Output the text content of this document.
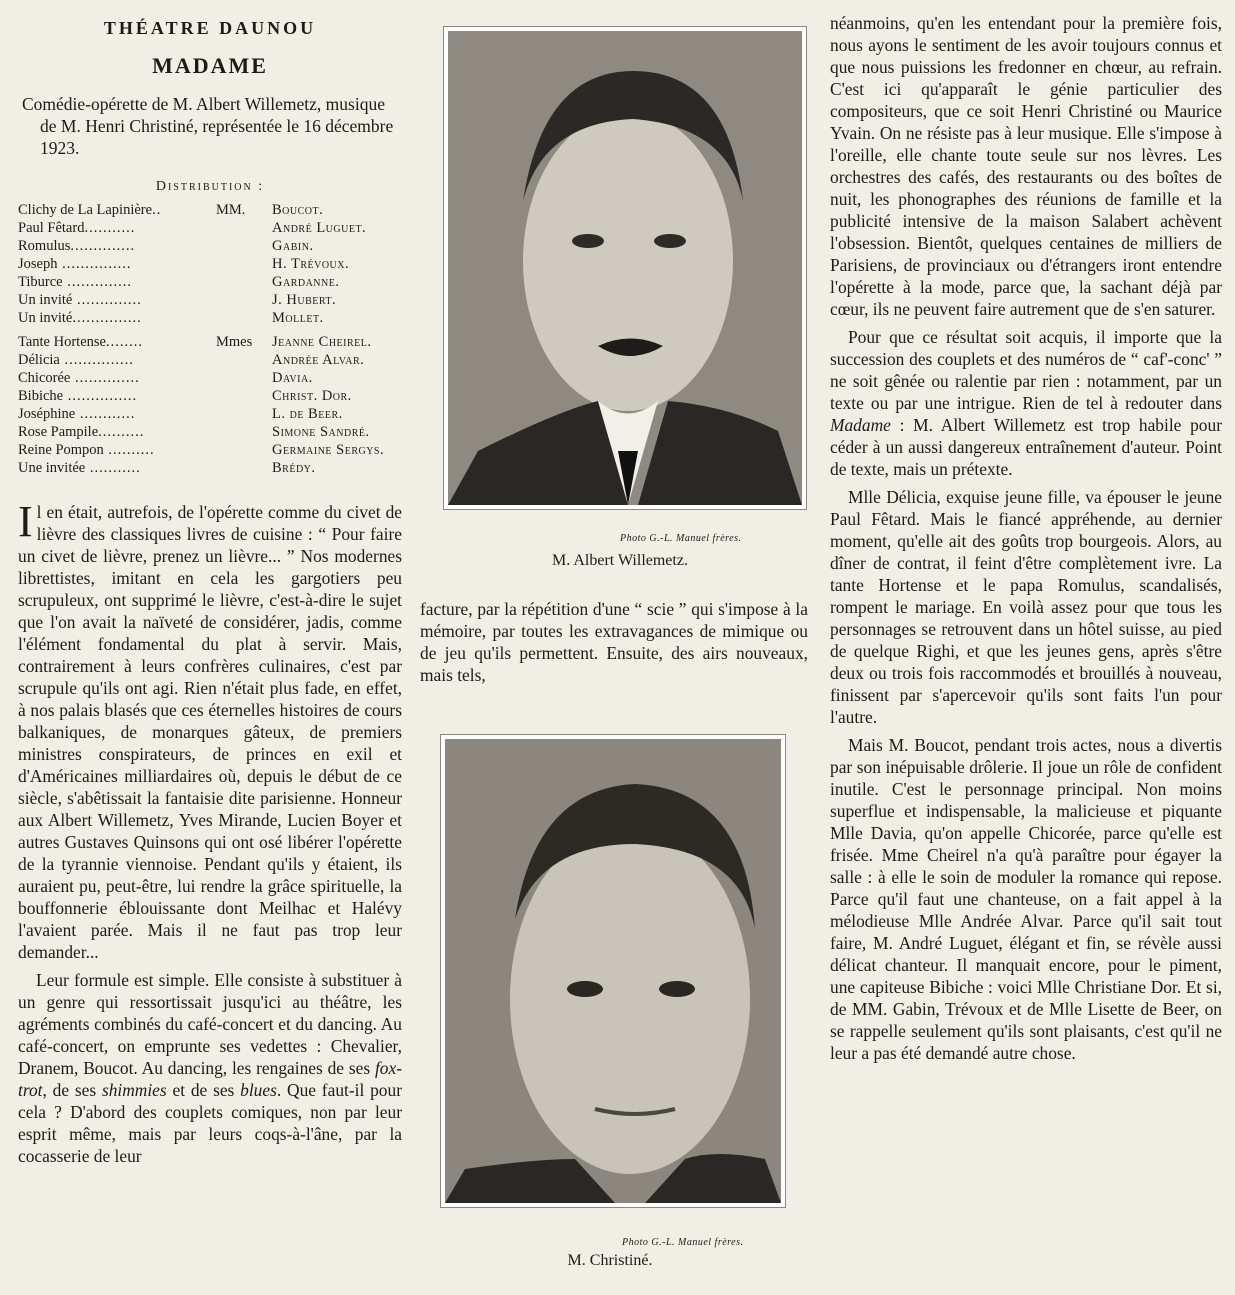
THÉATRE DAUNOU
MADAME
Comédie-opérette de M. Albert Willemetz, musique de M. Henri Christiné, représentée le 16 décembre 1923.
Distribution :
Clichy de La Lapinière..	MM.	Boucot.
Paul Fêtard...........	André Luguet.
Romulus..............	Gabin.
Joseph ...............	H. Trévoux.
Tiburce ..............	Gardanne.
Un invité ..............	J. Hubert.
Un invité...............	Mollet.
Tante Hortense........	Mmes	Jeanne Cheirel.
Délicia ...............	Andrée Alvar.
Chicorée ..............	Davia.
Bibiche ...............	Christ. Dor.
Joséphine ............	L. de Beer.
Rose Pampile..........	Simone Sandré.
Reine Pompon ..........	Germaine Sergys.
Une invitée ...........	Brédy.

Il en était, autrefois, de l'opérette comme du civet de lièvre des classiques livres de cuisine : “ Pour faire un civet de lièvre, prenez un lièvre... ” Nos modernes librettistes, imitant en cela les gargotiers peu scrupuleux, ont supprimé le lièvre, c'est-à-dire le sujet que l'on avait la naïveté de considérer, jadis, comme l'élément fondamental du plat à servir. Mais, contrairement à leurs confrères culinaires, c'est par scrupule qu'ils ont agi. Rien n'était plus fade, en effet, à nos palais blasés que ces éternelles histoires de cours balkaniques, de monarques gâteux, de premiers ministres conspirateurs, de princes en exil et d'Américaines milliardaires où, depuis le début de ce siècle, s'abêtissait la fantaisie dite parisienne. Honneur aux Albert Willemetz, Yves Mirande, Lucien Boyer et autres Gustaves Quinsons qui ont osé libérer l'opérette de la tyrannie viennoise. Pendant qu'ils y étaient, ils auraient pu, peut-être, lui rendre la grâce spirituelle, la bouffonnerie éblouissante dont Meilhac et Halévy l'avaient parée. Mais il ne faut pas trop leur demander...

Leur formule est simple. Elle consiste à substituer à un genre qui ressortissait jusqu'ici au théâtre, les agréments combinés du café-concert et du dancing. Au café-concert, on emprunte ses vedettes : Chevalier, Dranem, Boucot. Au dancing, les rengaines de ses fox-trot, de ses shimmies et de ses blues. Que faut-il pour cela ? D'abord des couplets comiques, non par leur esprit même, mais par leurs coqs-à-l'âne, par la cocasserie de leur

Photo G.-L. Manuel frères.
M. Albert Willemetz.

facture, par la répétition d'une “ scie ” qui s'impose à la mémoire, par toutes les extravagances de mimique ou de jeu qu'ils permettent. Ensuite, des airs nouveaux, mais tels,

Photo G.-L. Manuel frères.
M. Christiné.

néanmoins, qu'en les entendant pour la première fois, nous ayons le sentiment de les avoir toujours connus et que nous puissions les fredonner en chœur, au refrain. C'est ici qu'apparaît le génie particulier des compositeurs, que ce soit Henri Christiné ou Maurice Yvain. On ne résiste pas à leur musique. Elle s'impose à l'oreille, elle chante toute seule sur nos lèvres. Les orchestres des cafés, des restaurants ou des boîtes de nuit, les phonographes des réunions de famille et la publicité intensive de la maison Salabert achèvent l'obsession. Bientôt, quelques centaines de milliers de Parisiens, de provinciaux ou d'étrangers iront entendre l'opérette à la mode, parce que, la sachant déjà par cœur, ils ne peuvent faire autrement que de s'en saturer.

Pour que ce résultat soit acquis, il importe que la succession des couplets et des numéros de “ caf'-conc' ” ne soit gênée ou ralentie par rien : notamment, par un texte ou par une intrigue. Rien de tel à redouter dans Madame : M. Albert Willemetz est trop habile pour céder à un aussi dangereux entraînement d'auteur. Point de texte, mais un prétexte.

Mlle Délicia, exquise jeune fille, va épouser le jeune Paul Fêtard. Mais le fiancé appréhende, au dernier moment, qu'elle ait des goûts trop bourgeois. Alors, au dîner de contrat, il feint d'être complètement ivre. La tante Hortense et le papa Romulus, scandalisés, rompent le mariage. En voilà assez pour que tous les personnages se retrouvent dans un hôtel suisse, au pied de quelque Righi, et que les jeunes gens, après s'être deux ou trois fois raccommodés et brouillés à nouveau, finissent par s'apercevoir qu'ils sont faits l'un pour l'autre.

Mais M. Boucot, pendant trois actes, nous a divertis par son inépuisable drôlerie. Il joue un rôle de confident inutile. C'est le personnage principal. Non moins superflue et indispensable, la malicieuse et piquante Mlle Davia, qu'on appelle Chicorée, parce qu'elle est frisée. Mme Cheirel n'a qu'à paraître pour égayer la salle : à elle le soin de moduler la romance qui repose. Parce qu'il faut une chanteuse, on a fait appel à la mélodieuse Mlle Andrée Alvar. Parce qu'il sait tout faire, M. André Luguet, élégant et fin, se révèle aussi délicat chanteur. Il manquait encore, pour le piment, une capiteuse Bibiche : voici Mlle Christiane Dor. Et si, de MM. Gabin, Trévoux et de Mlle Lisette de Beer, on se rappelle seulement qu'ils sont plaisants, c'est qu'il ne leur a pas été demandé autre chose.
